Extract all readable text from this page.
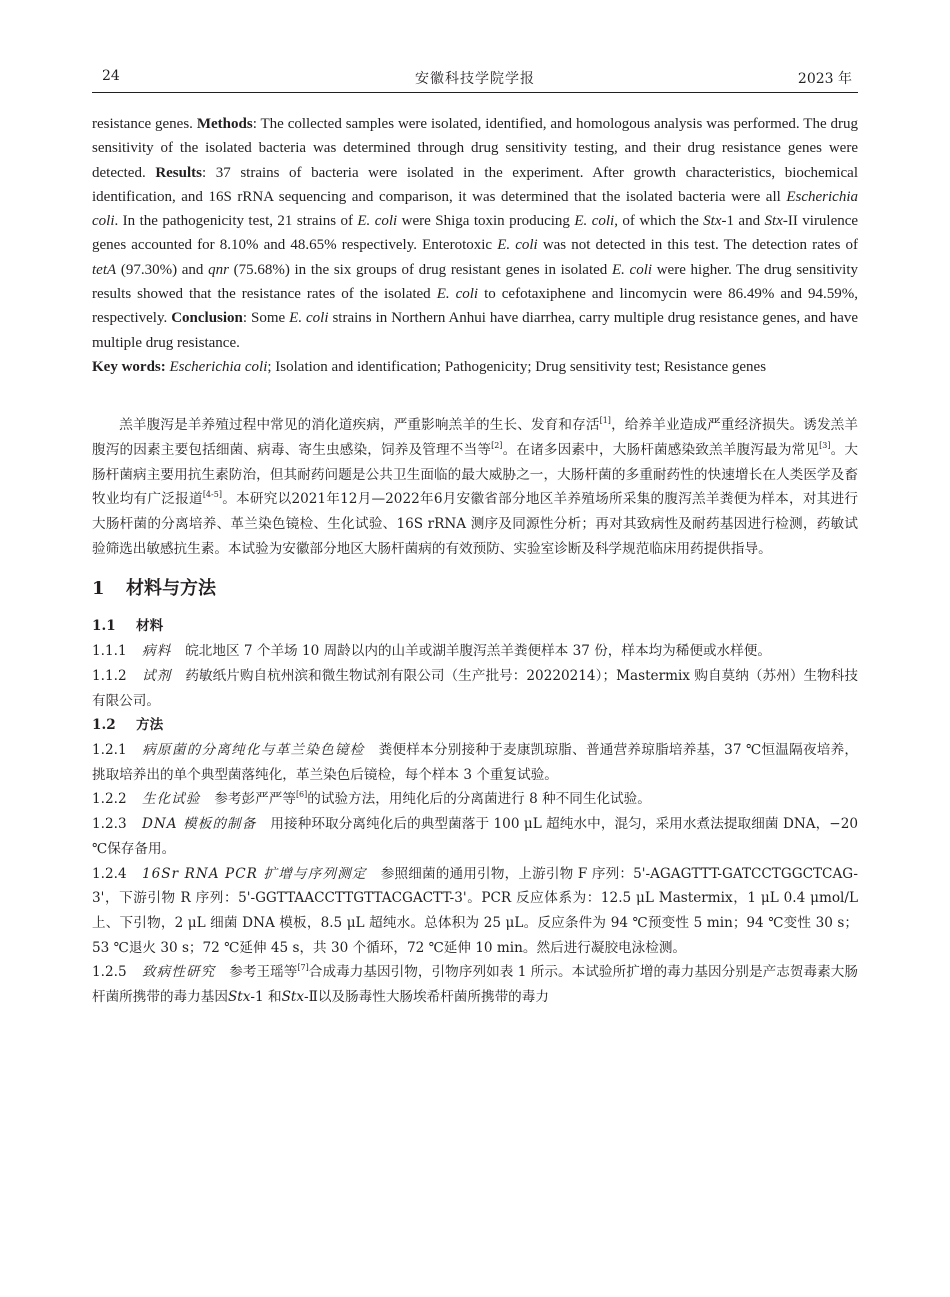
24	安徽科技学院学报	2023 年

resistance genes. Methods: The collected samples were isolated, identified, and homologous analysis was performed. The drug sensitivity of the isolated bacteria was determined through drug sensitivity testing, and their drug resistance genes were detected. Results: 37 strains of bacteria were isolated in the experiment. After growth characteristics, biochemical identification, and 16S rRNA sequencing and comparison, it was determined that the isolated bacteria were all Escherichia coli. In the pathogenicity test, 21 strains of E. coli were Shiga toxin producing E. coli, of which the Stx-1 and Stx-II virulence genes accounted for 8.10% and 48.65% respectively. Enterotoxic E. coli was not detected in this test. The detection rates of tetA (97.30%) and qnr (75.68%) in the six groups of drug resistant genes in isolated E. coli were higher. The drug sensitivity results showed that the resistance rates of the isolated E. coli to cefotaxiphene and lincomycin were 86.49% and 94.59%, respectively. Conclusion: Some E. coli strains in Northern Anhui have diarrhea, carry multiple drug resistance genes, and have multiple drug resistance.

Key words: Escherichia coli; Isolation and identification; Pathogenicity; Drug sensitivity test; Resistance genes

羔羊腹泻是羊养殖过程中常见的消化道疾病，严重影响羔羊的生长、发育和存活[1]，给养羊业造成严重经济损失。诱发羔羊腹泻的因素主要包括细菌、病毒、寄生虫感染，饲养及管理不当等[2]。在诸多因素中，大肠杆菌感染致羔羊腹泻最为常见[3]。大肠杆菌病主要用抗生素防治，但其耐药问题是公共卫生面临的最大威胁之一，大肠杆菌的多重耐药性的快速增长在人类医学及畜牧业均有广泛报道[4-5]。本研究以2021年12月—2022年6月安徽省部分地区羊养殖场所采集的腹泻羔羊粪便为样本，对其进行大肠杆菌的分离培养、革兰染色镜检、生化试验、16S rRNA 测序及同源性分析；再对其致病性及耐药基因进行检测，药敏试验筛选出敏感抗生素。本试验为安徽部分地区大肠杆菌病的有效预防、实验室诊断及科学规范临床用药提供指导。

1 材料与方法

1.1 材料

1.1.1 病料 皖北地区 7 个羊场 10 周龄以内的山羊或湖羊腹泻羔羊粪便样本 37 份，样本均为稀便或水样便。

1.1.2 试剂 药敏纸片购自杭州滨和微生物试剂有限公司（生产批号：20220214）；Mastermix 购自莫纳（苏州）生物科技有限公司。

1.2 方法

1.2.1 病原菌的分离纯化与革兰染色镜检 粪便样本分别接种于麦康凯琼脂、普通营养琼脂培养基，37 ℃恒温隔夜培养，挑取培养出的单个典型菌落纯化，革兰染色后镜检，每个样本 3 个重复试验。

1.2.2 生化试验 参考彭严严等[6]的试验方法，用纯化后的分离菌进行 8 种不同生化试验。

1.2.3 DNA 模板的制备 用接种环取分离纯化后的典型菌落于 100 μL 超纯水中，混匀，采用水煮法提取细菌 DNA，−20 ℃保存备用。

1.2.4 16Sr RNA PCR 扩增与序列测定 参照细菌的通用引物，上游引物 F 序列：5'-AGAGTTT-GATCCTGGCTCAG-3'，下游引物 R 序列：5'-GGTTAACCTTGTTACGACTT-3'。PCR 反应体系为：12.5 μL Mastermix，1 μL 0.4 μmol/L 上、下引物，2 μL 细菌 DNA 模板，8.5 μL 超纯水。总体积为 25 μL。反应条件为 94 ℃预变性 5 min；94 ℃变性 30 s；53 ℃退火 30 s；72 ℃延伸 45 s，共 30 个循环，72 ℃延伸 10 min。然后进行凝胶电泳检测。

1.2.5 致病性研究 参考王瑶等[7]合成毒力基因引物，引物序列如表 1 所示。本试验所扩增的毒力基因分别是产志贺毒素大肠杆菌所携带的毒力基因Stx-1 和Stx-Ⅱ以及肠毒性大肠埃希杆菌所携带的毒力
